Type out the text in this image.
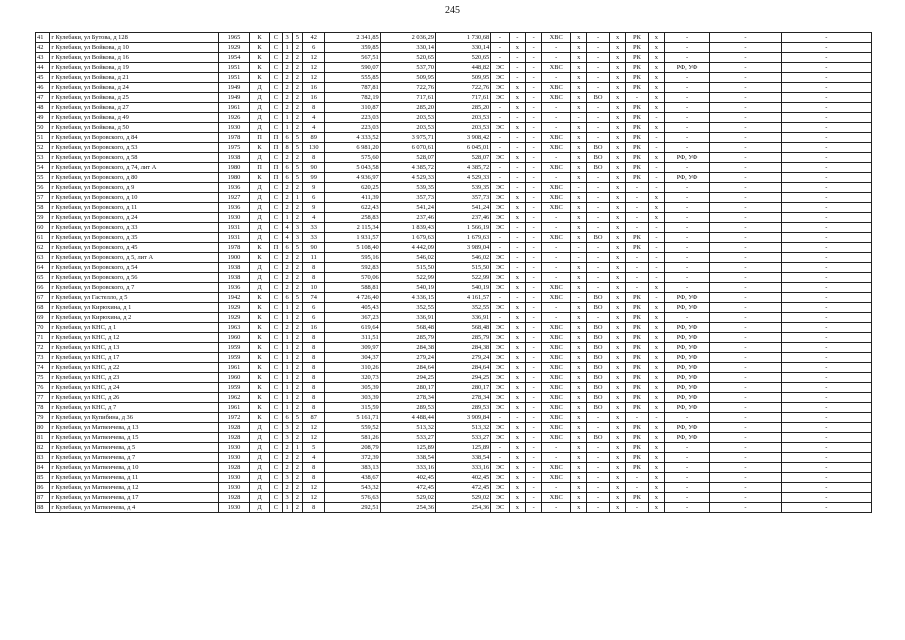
245
41	г Кулебаки, ул Бутова, д 128	1965	К	С	3	5	42	2 341,85	2 036,29	1 730,68	-	-	-	ХВС	х	-	х	РК	х	-	-	-
42	г Кулебаки, ул Войкова, д 10	1929	К	С	1	2	6	359,85	330,14	330,14	-	х	-	-	х	-	х	РК	х	-	-	-
43	г Кулебаки, ул Войкова, д 16	1954	К	С	2	2	12	567,51	520,65	520,65	-	-	-	-	х	-	х	РК	х	-	-	-
44	г Кулебаки, ул Войкова, д 19	1951	К	С	2	2	12	590,07	537,70	448,82	ЭС	-	-	ХВС	х	-	х	РК	х	РФ, УФ	-	-
45	г Кулебаки, ул Войкова, д 21	1951	К	С	2	2	12	555,85	509,95	509,95	ЭС	-	-	-	х	-	х	РК	х	-	-	-
46	г Кулебаки, ул Войкова, д 24	1949	Д	С	2	2	16	787,81	722,76	722,76	ЭС	х	-	ХВС	х	-	х	РК	х	-	-	-
47	г Кулебаки, ул Войкова, д 25	1949	Д	С	2	2	16	782,19	717,61	717,61	ЭС	х	-	ХВС	х	ВО	х	-	х	-	-	-
48	г Кулебаки, ул Войкова, д 27	1961	Д	С	2	2	8	310,87	285,20	285,20	-	х	-	-	х	-	х	РК	х	-	-	-
49	г Кулебаки, ул Войкова, д 49	1926	Д	С	1	2	4	223,03	203,53	203,53	-	-	-	-	-	-	х	РК	-	-	-	-
50	г Кулебаки, ул Войкова, д 50	1930	Д	С	1	2	4	223,03	203,53	203,53	ЭС	х	-	-	х	-	х	РК	х	-	-	-
51	г Кулебаки, ул Воровского, д 84	1978	П	П	6	5	89	4 333,52	3 975,71	3 908,42	-	-	-	ХВС	х	-	х	РК	-	-	-	-
52	г Кулебаки, ул Воровского, д 53	1975	К	П	8	5	130	6 981,20	6 070,61	6 045,01	-	-	-	ХВС	х	ВО	х	РК	-	-	-	-
53	г Кулебаки, ул Воровского, д 58	1938	Д	С	2	2	8	575,60	528,07	528,07	ЭС	х	-	-	х	ВО	х	РК	х	РФ, УФ	-	-
54	г Кулебаки, ул Воровского, д 74, лит А	1980	П	П	6	5	90	5 043,58	4 385,72	4 385,72	-	-	-	ХВС	х	ВО	х	РК	-	-	-	-
55	г Кулебаки, ул Воровского, д 80	1980	К	П	6	5	99	4 936,97	4 529,33	4 529,33	-	-	-	-	х	-	х	РК	-	РФ, УФ	-	-
56	г Кулебаки, ул Воровского, д 9	1936	Д	С	2	2	9	620,25	539,35	539,35	ЭС	-	-	ХВС	-	-	х	-	-	-	-	-
57	г Кулебаки, ул Воровского, д 10	1927	Д	С	2	1	6	411,39	357,73	357,73	ЭС	х	-	ХВС	х	-	х	-	х	-	-	-
58	г Кулебаки, ул Воровского, д 11	1936	Д	С	2	2	9	622,43	541,24	541,24	ЭС	х	-	ХВС	х	-	х	-	х	-	-	-
59	г Кулебаки, ул Воровского, д 24	1930	Д	С	1	2	4	258,83	237,46	237,46	ЭС	х	-	-	х	-	х	-	х	-	-	-
60	г Кулебаки, ул Воровского, д 33	1931	Д	С	4	3	33	2 115,34	1 839,43	1 566,19	ЭС	-	-	-	х	-	х	-	-	-	-	-
61	г Кулебаки, ул Воровского, д 35	1931	Д	С	4	3	33	1 931,57	1 679,63	1 679,63	-	-	-	ХВС	х	ВО	х	РК	-	-	-	-
62	г Кулебаки, ул Воровского, д 45	1978	К	П	6	5	90	5 108,40	4 442,09	3 989,04	-	-	-	-	-	-	х	РК	-	-	-	-
63	г Кулебаки, ул Воровского, д 5, лит А	1900	К	С	2	2	11	595,16	546,02	546,02	ЭС	-	-	-	-	-	х	-	-	-	-	-
64	г Кулебаки, ул Воровского, д 54	1938	Д	С	2	2	8	592,83	515,50	515,50	ЭС	-	-	-	х	-	х	-	-	-	-	-
65	г Кулебаки, ул Воровского, д 56	1938	Д	С	2	2	8	570,06	522,99	522,99	ЭС	х	-	-	х	-	х	-	-	-	-	-
66	г Кулебаки, ул Воровского, д 7	1936	Д	С	2	2	10	588,81	540,19	540,19	ЭС	х	-	ХВС	х	-	х	-	х	-	-	-
67	г Кулебаки, ул Гастелло, д 5	1942	К	С	6	5	74	4 726,40	4 336,15	4 161,57	-	-	-	ХВС	-	ВО	х	РК	-	РФ, УФ	-	-
68	г Кулебаки, ул Кирюхина, д 1	1929	К	С	1	2	6	405,43	352,55	352,55	ЭС	х	-	-	х	ВО	х	РК	х	РФ, УФ	-	-
69	г Кулебаки, ул Кирюхина, д 2	1929	К	С	1	2	6	367,23	336,91	336,91	-	х	-	-	х	-	х	РК	х	-	-	-
70	г Кулебаки, ул КНС, д 1	1963	К	С	2	2	16	619,64	568,48	568,48	ЭС	х	-	ХВС	х	ВО	х	РК	х	РФ, УФ	-	-
71	г Кулебаки, ул КНС, д 12	1960	К	С	1	2	8	311,51	285,79	285,79	ЭС	х	-	ХВС	х	ВО	х	РК	х	РФ, УФ	-	-
72	г Кулебаки, ул КНС, д 13	1959	К	С	1	2	8	309,97	284,38	284,38	ЭС	х	-	ХВС	х	ВО	х	РК	х	РФ, УФ	-	-
73	г Кулебаки, ул КНС, д 17	1959	К	С	1	2	8	304,37	279,24	279,24	ЭС	х	-	ХВС	х	ВО	х	РК	х	РФ, УФ	-	-
74	г Кулебаки, ул КНС, д 22	1961	К	С	1	2	8	310,26	284,64	284,64	ЭС	х	-	ХВС	х	ВО	х	РК	х	РФ, УФ	-	-
75	г Кулебаки, ул КНС, д 23	1960	К	С	1	2	8	320,73	294,25	294,25	ЭС	х	-	ХВС	х	ВО	х	РК	х	РФ, УФ	-	-
76	г Кулебаки, ул КНС, д 24	1959	К	С	1	2	8	305,39	280,17	280,17	ЭС	х	-	ХВС	х	ВО	х	РК	х	РФ, УФ	-	-
77	г Кулебаки, ул КНС, д 26	1962	К	С	1	2	8	303,39	278,34	278,34	ЭС	х	-	ХВС	х	ВО	х	РК	х	РФ, УФ	-	-
78	г Кулебаки, ул КНС, д 7	1961	К	С	1	2	8	315,59	289,53	289,53	ЭС	х	-	ХВС	х	ВО	х	РК	х	РФ, УФ	-	-
79	г Кулебаки, ул Купибина, д 36	1972	К	С	6	5	87	5 161,71	4 488,44	3 909,84	-	-	-	ХВС	х	-	х	-	-	-	-	-
80	г Кулебаки, ул Матвеичева, д 13	1928	Д	С	3	2	12	559,52	513,32	513,32	ЭС	х	-	ХВС	х	-	х	РК	х	РФ, УФ	-	-
81	г Кулебаки, ул Матвеичева, д 15	1928	Д	С	3	2	12	581,26	533,27	533,27	ЭС	х	-	ХВС	х	ВО	х	РК	х	РФ, УФ	-	-
82	г Кулебаки, ул Матвеичева, д 5	1930	Д	С	2	1	5	208,79	125,89	125,89	-	х	-	-	х	-	х	РК	х	-	-	-
83	г Кулебаки, ул Матвеичева, д 7	1930	Д	С	2	2	4	372,39	338,54	338,54	-	х	-	-	х	-	х	РК	х	-	-	-
84	г Кулебаки, ул Матвеичева, д 10	1928	Д	С	2	2	8	383,13	333,16	333,16	ЭС	х	-	ХВС	х	-	х	РК	х	-	-	-
85	г Кулебаки, ул Матвеичева, д 11	1930	Д	С	3	2	8	438,67	402,45	402,45	ЭС	х	-	ХВС	х	-	х	-	х	-	-	-
86	г Кулебаки, ул Матвеичева, д 12	1930	Д	С	2	2	12	543,32	472,45	472,45	ЭС	х	-	-	х	-	х	-	х	-	-	-
87	г Кулебаки, ул Матвеичева, д 17	1928	Д	С	3	2	12	576,63	529,02	529,02	ЭС	х	-	ХВС	х	-	х	РК	х	-	-	-
88	г Кулебаки, ул Матвеичева, д 4	1930	Д	С	1	2	8	292,51	254,36	254,36	ЭС	х	-	-	х	-	х	-	х	-	-	-
